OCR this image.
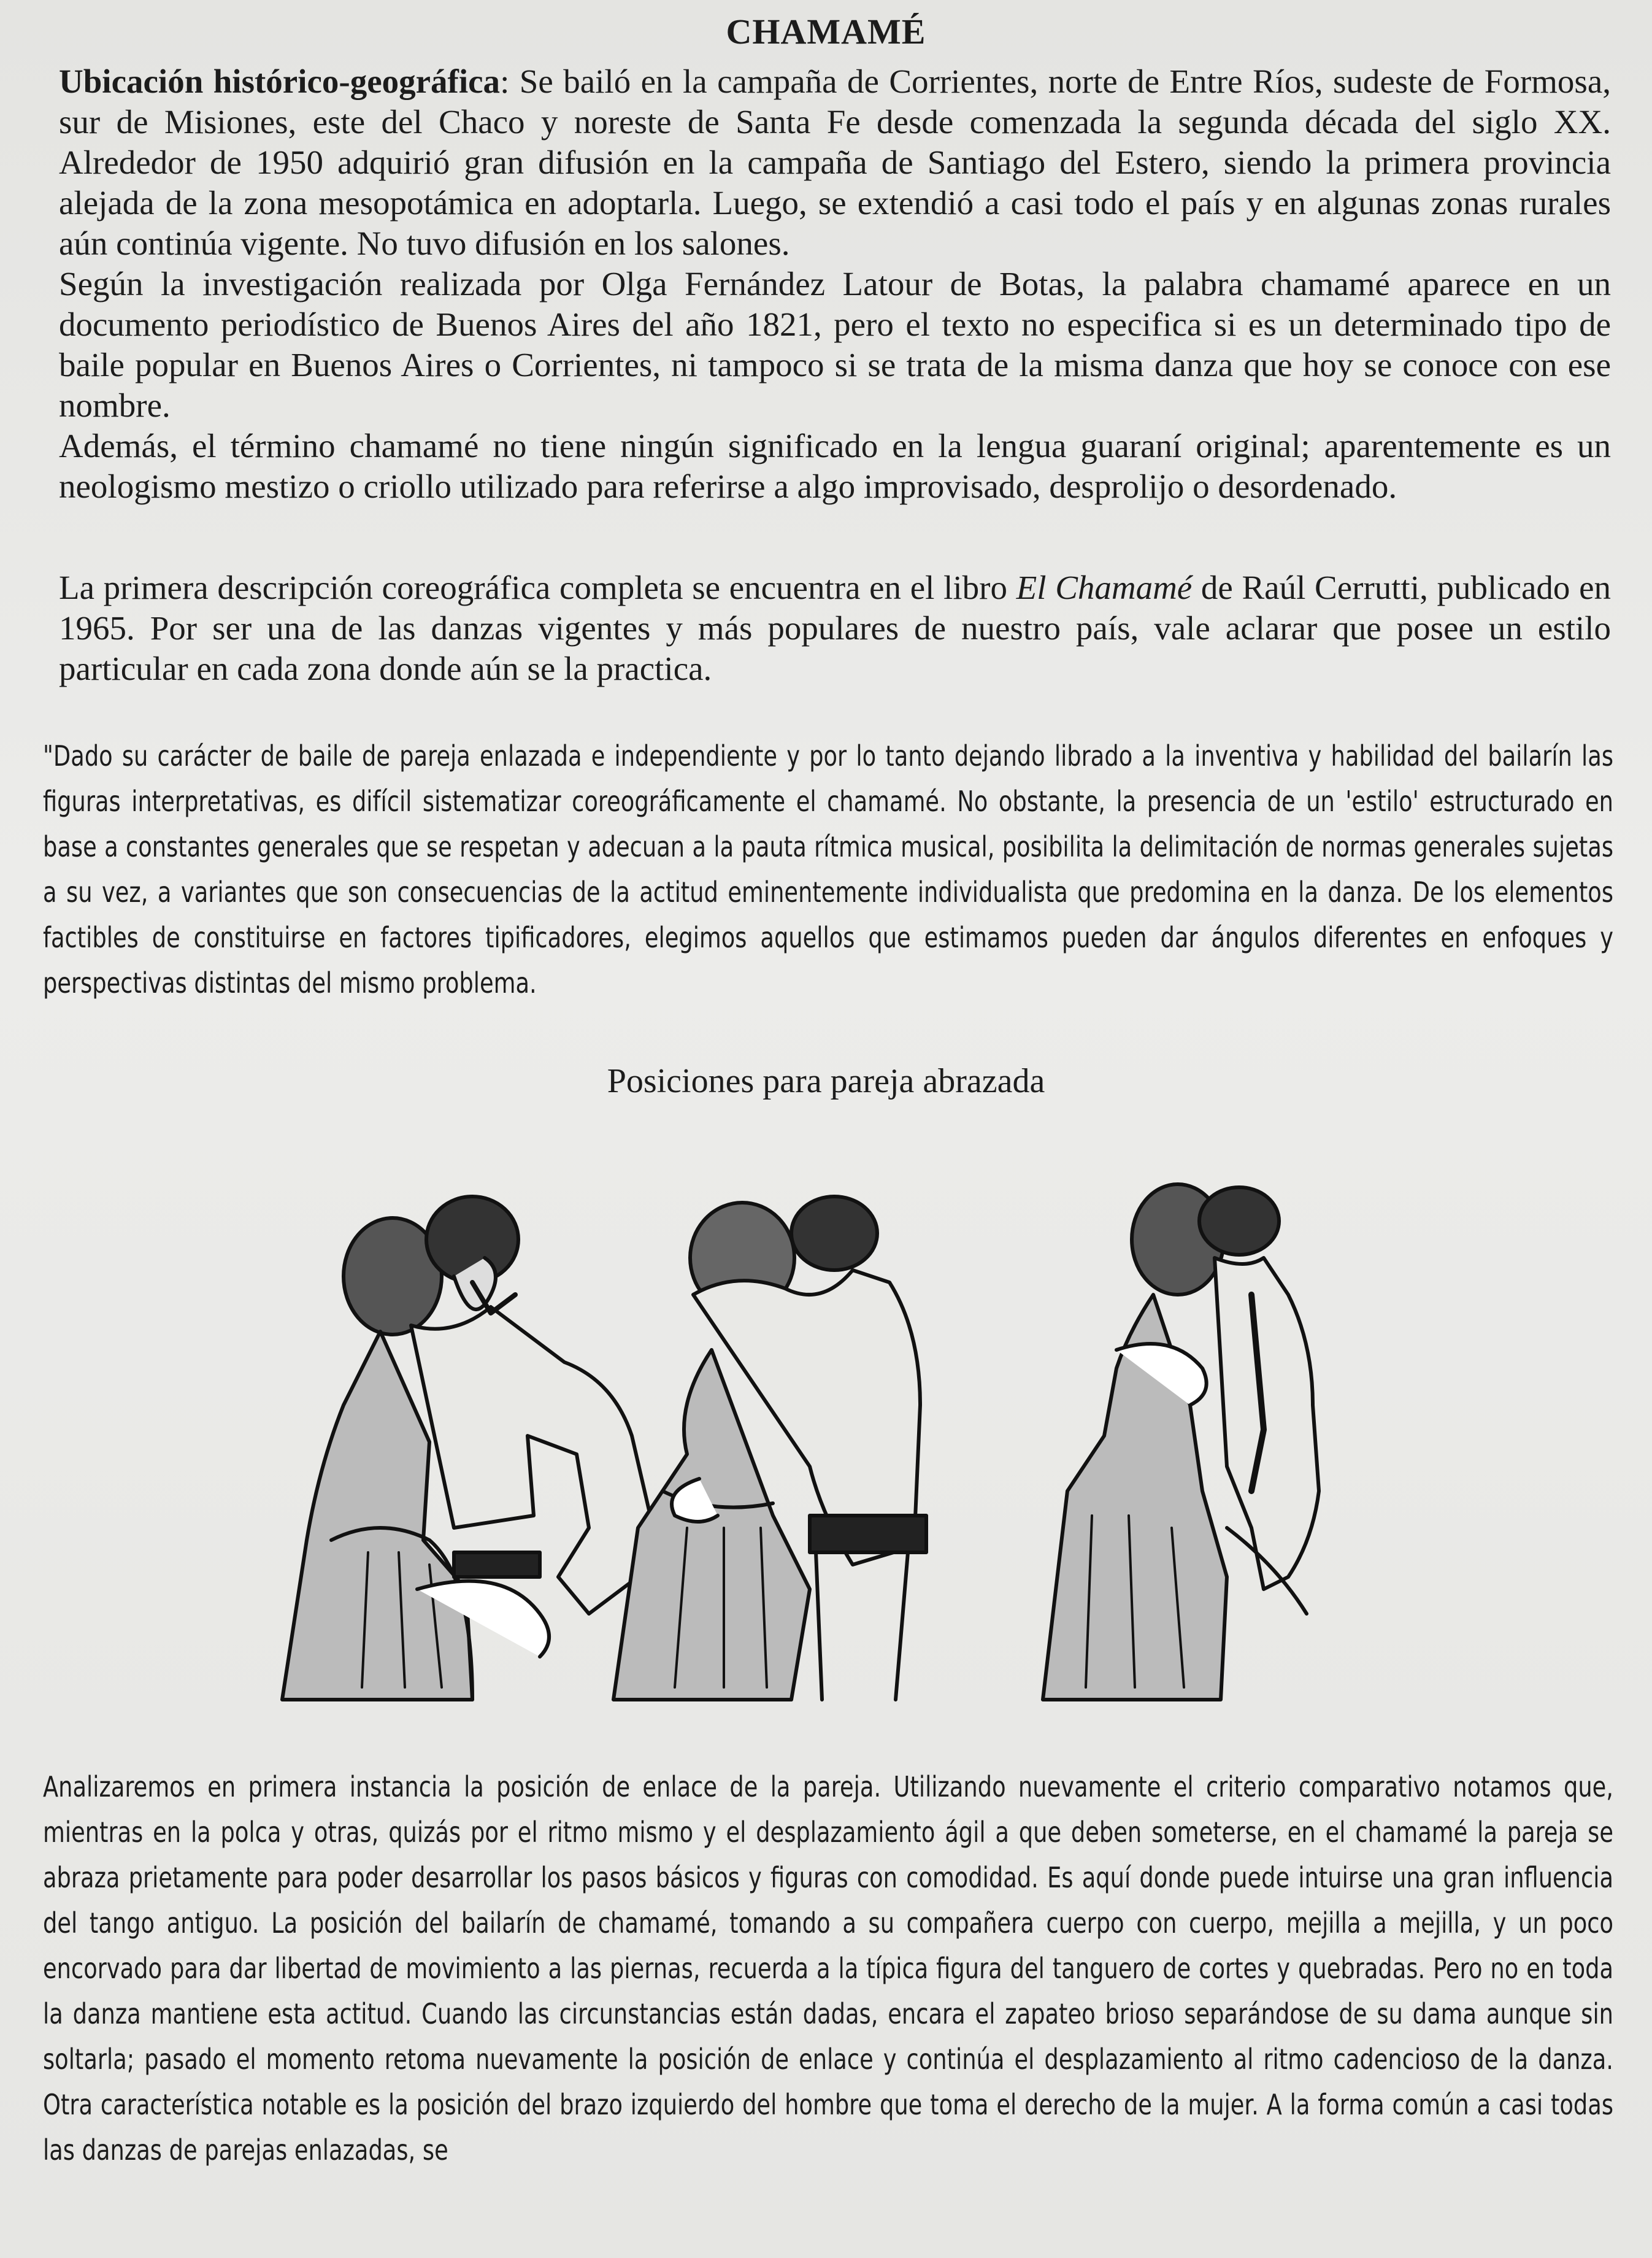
CHAMAMÉ

Ubicación histórico-geográfica: Se bailó en la campaña de Corrientes, norte de Entre Ríos, sudeste de Formosa, sur de Misiones, este del Chaco y noreste de Santa Fe desde comenzada la segunda década del siglo XX. Alrededor de 1950 adquirió gran difusión en la campaña de Santiago del Estero, siendo la primera provincia alejada de la zona mesopotámica en adoptarla. Luego, se extendió a casi todo el país y en algunas zonas rurales aún continúa vigente. No tuvo difusión en los salones.

Según la investigación realizada por Olga Fernández Latour de Botas, la palabra chamamé aparece en un documento periodístico de Buenos Aires del año 1821, pero el texto no especifica si es un determinado tipo de baile popular en Buenos Aires o Corrientes, ni tampoco si se trata de la misma danza que hoy se conoce con ese nombre.

Además, el término chamamé no tiene ningún significado en la lengua guaraní original; aparentemente es un neologismo mestizo o criollo utilizado para referirse a algo improvisado, desprolijo o desordenado.

La primera descripción coreográfica completa se encuentra en el libro El Chamamé de Raúl Cerrutti, publicado en 1965. Por ser una de las danzas vigentes y más populares de nuestro país, vale aclarar que posee un estilo particular en cada zona donde aún se la practica.

"Dado su carácter de baile de pareja enlazada e independiente y por lo tanto dejando librado a la inventiva y habilidad del bailarín las figuras interpretativas, es difícil sistematizar coreográficamente el chamamé. No obstante, la presencia de un 'estilo' estructurado en base a constantes generales que se respetan y adecuan a la pauta rítmica musical, posibilita la delimitación de normas generales sujetas a su vez, a variantes que son consecuencias de la actitud eminentemente individualista que predomina en la danza. De los elementos factibles de constituirse en factores tipificadores, elegimos aquellos que estimamos pueden dar ángulos diferentes en enfoques y perspectivas distintas del mismo problema.
Posiciones para pareja abrazada
Analizaremos en primera instancia la posición de enlace de la pareja. Utilizando nuevamente el criterio comparativo notamos que, mientras en la polca y otras, quizás por el ritmo mismo y el desplazamiento ágil a que deben someterse, en el chamamé la pareja se abraza prietamente para poder desarrollar los pasos básicos y figuras con comodidad. Es aquí donde puede intuirse una gran influencia del tango antiguo. La posición del bailarín de chamamé, tomando a su compañera cuerpo con cuerpo, mejilla a mejilla, y un poco encorvado para dar libertad de movimiento a las piernas, recuerda a la típica figura del tanguero de cortes y quebradas. Pero no en toda la danza mantiene esta actitud. Cuando las circunstancias están dadas, encara el zapateo brioso separándose de su dama aunque sin soltarla; pasado el momento retoma nuevamente la posición de enlace y continúa el desplazamiento al ritmo cadencioso de la danza. Otra característica notable es la posición del brazo izquierdo del hombre que toma el derecho de la mujer. A la forma común a casi todas las danzas de parejas enlazadas, se
